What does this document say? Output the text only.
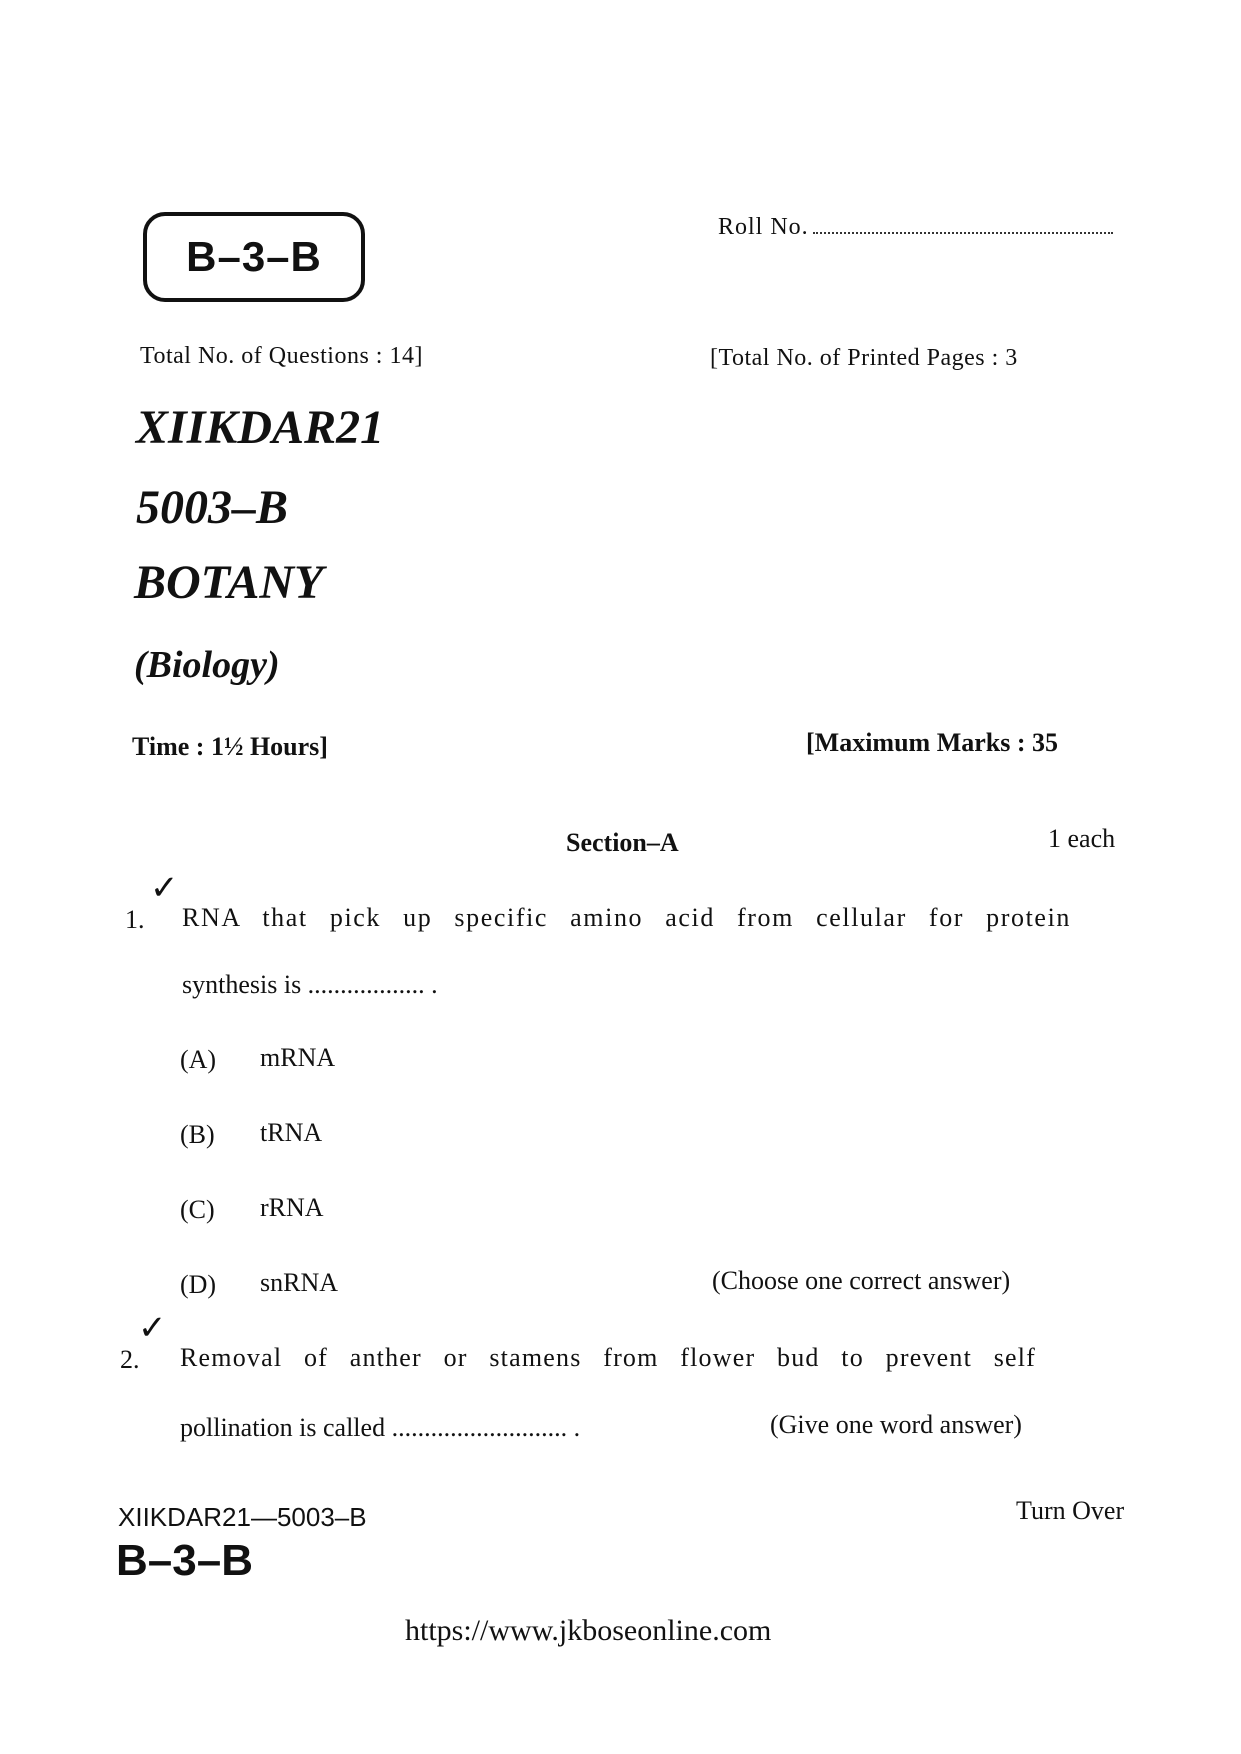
B–3–B
Roll No.
Total No. of Questions : 14]	[Total No. of Printed Pages : 3
XIIKDAR21
5003–B
BOTANY
(Biology)
Time : 1½ Hours]	[Maximum Marks : 35
Section–A	1 each
✓
1. RNA that pick up specific amino acid from cellular for protein
synthesis is .................. .
(A) mRNA
(B) tRNA
(C) rRNA
(D) snRNA	(Choose one correct answer)
✓
2. Removal of anther or stamens from flower bud to prevent self
pollination is called ........................... .	(Give one word answer)
XIIKDAR21—5003–B	Turn Over
B–3–B
https://www.jkboseonline.com
